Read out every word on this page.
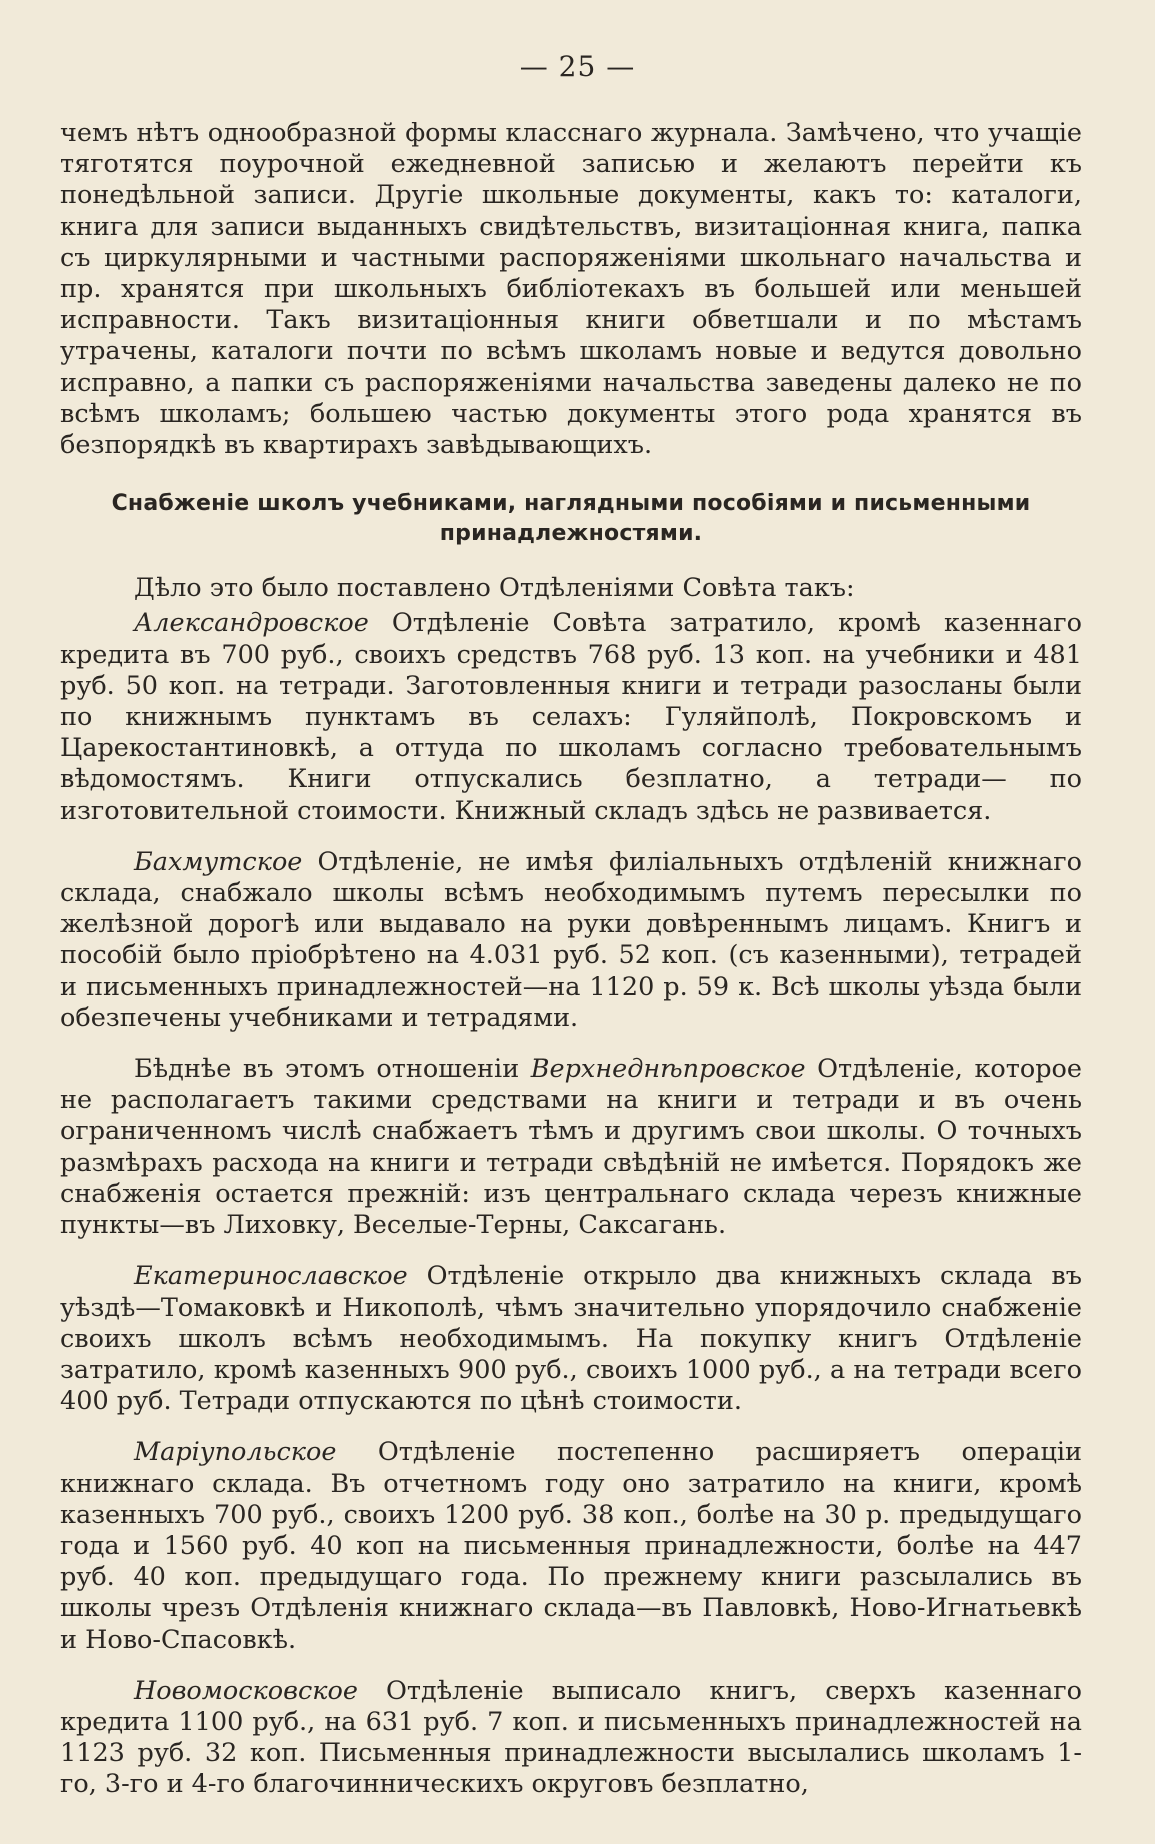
— 25 —

чемъ нѣтъ однообразной формы класснаго журнала. Замѣчено, что учащіе тяготятся поурочной ежедневной записью и желаютъ перейти къ понедѣльной записи. Другіе школьные документы, какъ то: каталоги, книга для записи выданныхъ свидѣтельствъ, визитаціонная книга, папка съ циркулярными и частными распоряженіями школьнаго начальства и пр. хранятся при школьныхъ библіотекахъ въ большей или меньшей исправности. Такъ визитаціонныя книги обветшали и по мѣстамъ утрачены, каталоги почти по всѣмъ школамъ новые и ведутся довольно исправно, а папки съ распоряженіями начальства заведены далеко не по всѣмъ школамъ; большею частью документы этого рода хранятся въ безпорядкѣ въ квартирахъ завѣдывающихъ.

Снабженіе школъ учебниками, наглядными пособіями и письменными принадлежностями.

Дѣло это было поставлено Отдѣленіями Совѣта такъ:

Александровское Отдѣленіе Совѣта затратило, кромѣ казеннаго кредита въ 700 руб., своихъ средствъ 768 руб. 13 коп. на учебники и 481 руб. 50 коп. на тетради. Заготовленныя книги и тетради разосланы были по книжнымъ пунктамъ въ селахъ: Гуляйполѣ, Покровскомъ и Царекостантиновкѣ, а оттуда по школамъ согласно требовательнымъ вѣдомостямъ. Книги отпускались безплатно, а тетради— по изготовительной стоимости. Книжный складъ здѣсь не развивается.

Бахмутское Отдѣленіе, не имѣя филіальныхъ отдѣленій книжнаго склада, снабжало школы всѣмъ необходимымъ путемъ пересылки по желѣзной дорогѣ или выдавало на руки довѣреннымъ лицамъ. Книгъ и пособій было пріобрѣтено на 4.031 руб. 52 коп. (съ казенными), тетрадей и письменныхъ принадлежностей—на 1120 р. 59 к. Всѣ школы уѣзда были обезпечены учебниками и тетрадями.

Бѣднѣе въ этомъ отношеніи Верхнеднѣпровское Отдѣленіе, которое не располагаетъ такими средствами на книги и тетради и въ очень ограниченномъ числѣ снабжаетъ тѣмъ и другимъ свои школы. О точныхъ размѣрахъ расхода на книги и тетради свѣдѣній не имѣется. Порядокъ же снабженія остается прежній: изъ центральнаго склада черезъ книжные пункты—въ Лиховку, Веселые-Терны, Саксагань.

Екатеринославское Отдѣленіе открыло два книжныхъ склада въ уѣздѣ—Томаковкѣ и Никополѣ, чѣмъ значительно упорядочило снабженіе своихъ школъ всѣмъ необходимымъ. На покупку книгъ Отдѣленіе затратило, кромѣ казенныхъ 900 руб., своихъ 1000 руб., а на тетради всего 400 руб. Тетради отпускаются по цѣнѣ стоимости.

Маріупольское Отдѣленіе постепенно расширяетъ операціи книжнаго склада. Въ отчетномъ году оно затратило на книги, кромѣ казенныхъ 700 руб., своихъ 1200 руб. 38 коп., болѣе на 30 р. предыдущаго года и 1560 руб. 40 коп на письменныя принадлежности, болѣе на 447 руб. 40 коп. предыдущаго года. По прежнему книги разсылались въ школы чрезъ Отдѣленія книжнаго склада—въ Павловкѣ, Ново-Игнатьевкѣ и Ново-Спасовкѣ.

Новомосковское Отдѣленіе выписало книгъ, сверхъ казеннаго кредита 1100 руб., на 631 руб. 7 коп. и письменныхъ принадлежностей на 1123 руб. 32 коп. Письменныя принадлежности высылались школамъ 1-го, 3-го и 4-го благочинническихъ округовъ безплатно,
